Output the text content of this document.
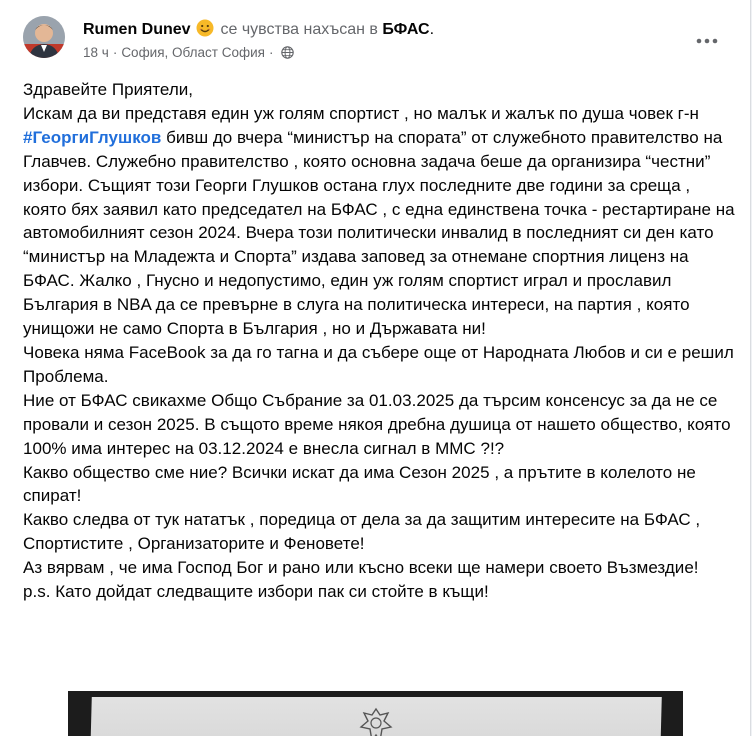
Rumen Dunev се чувства нахъсан в БФАС.
18 ч · София, Област София ·
Здравейте Приятели,
Искам да ви представя един уж голям спортист , но малък и жалък по душа човек г-н #ГеоргиГлушков бивш до вчера “министър на спората” от служебното правителство на Главчев. Служебно правителство , която основна задача беше да организира “честни” избори. Същият този Георги Глушков остана глух последните две години за среща , която бях заявил като председател на БФАС , с една единствена точка - рестартиране на автомобилният сезон 2024. Вчера този политически инвалид в последният си ден като “министър на Младежта и Спорта” издава заповед за отнемане спортния лиценз на БФАС. Жалко , Гнусно и недопустимо, един уж голям спортист играл и прославил България в NBA да се превърне в слуга на политическа интереси, на партия , която унищожи не само Спорта в България , но и Държавата ни!
Човека няма FaceBook за да го тагна и да събере още от Народната Любов и си е решил Проблема.
Ние от БФАС свикахме Общо Събрание за 01.03.2025 да търсим консенсус за да не се провали и сезон 2025. В същото време някоя дребна душица от нашето общество, която 100% има интерес на 03.12.2024 е внесла сигнал в ММС ?!?
Какво общество сме ние? Всички искат да има Сезон 2025 , а прътите в колелото не спират!
Какво следва от тук нататък , поредица от дела за да защитим интересите на БФАС , Спортистите , Организаторите и Феновете!
Аз вярвам , че има Господ Бог и рано или късно всеки ще намери своето Възмездие!
p.s. Като дойдат следващите избори пак си стойте в къщи!
